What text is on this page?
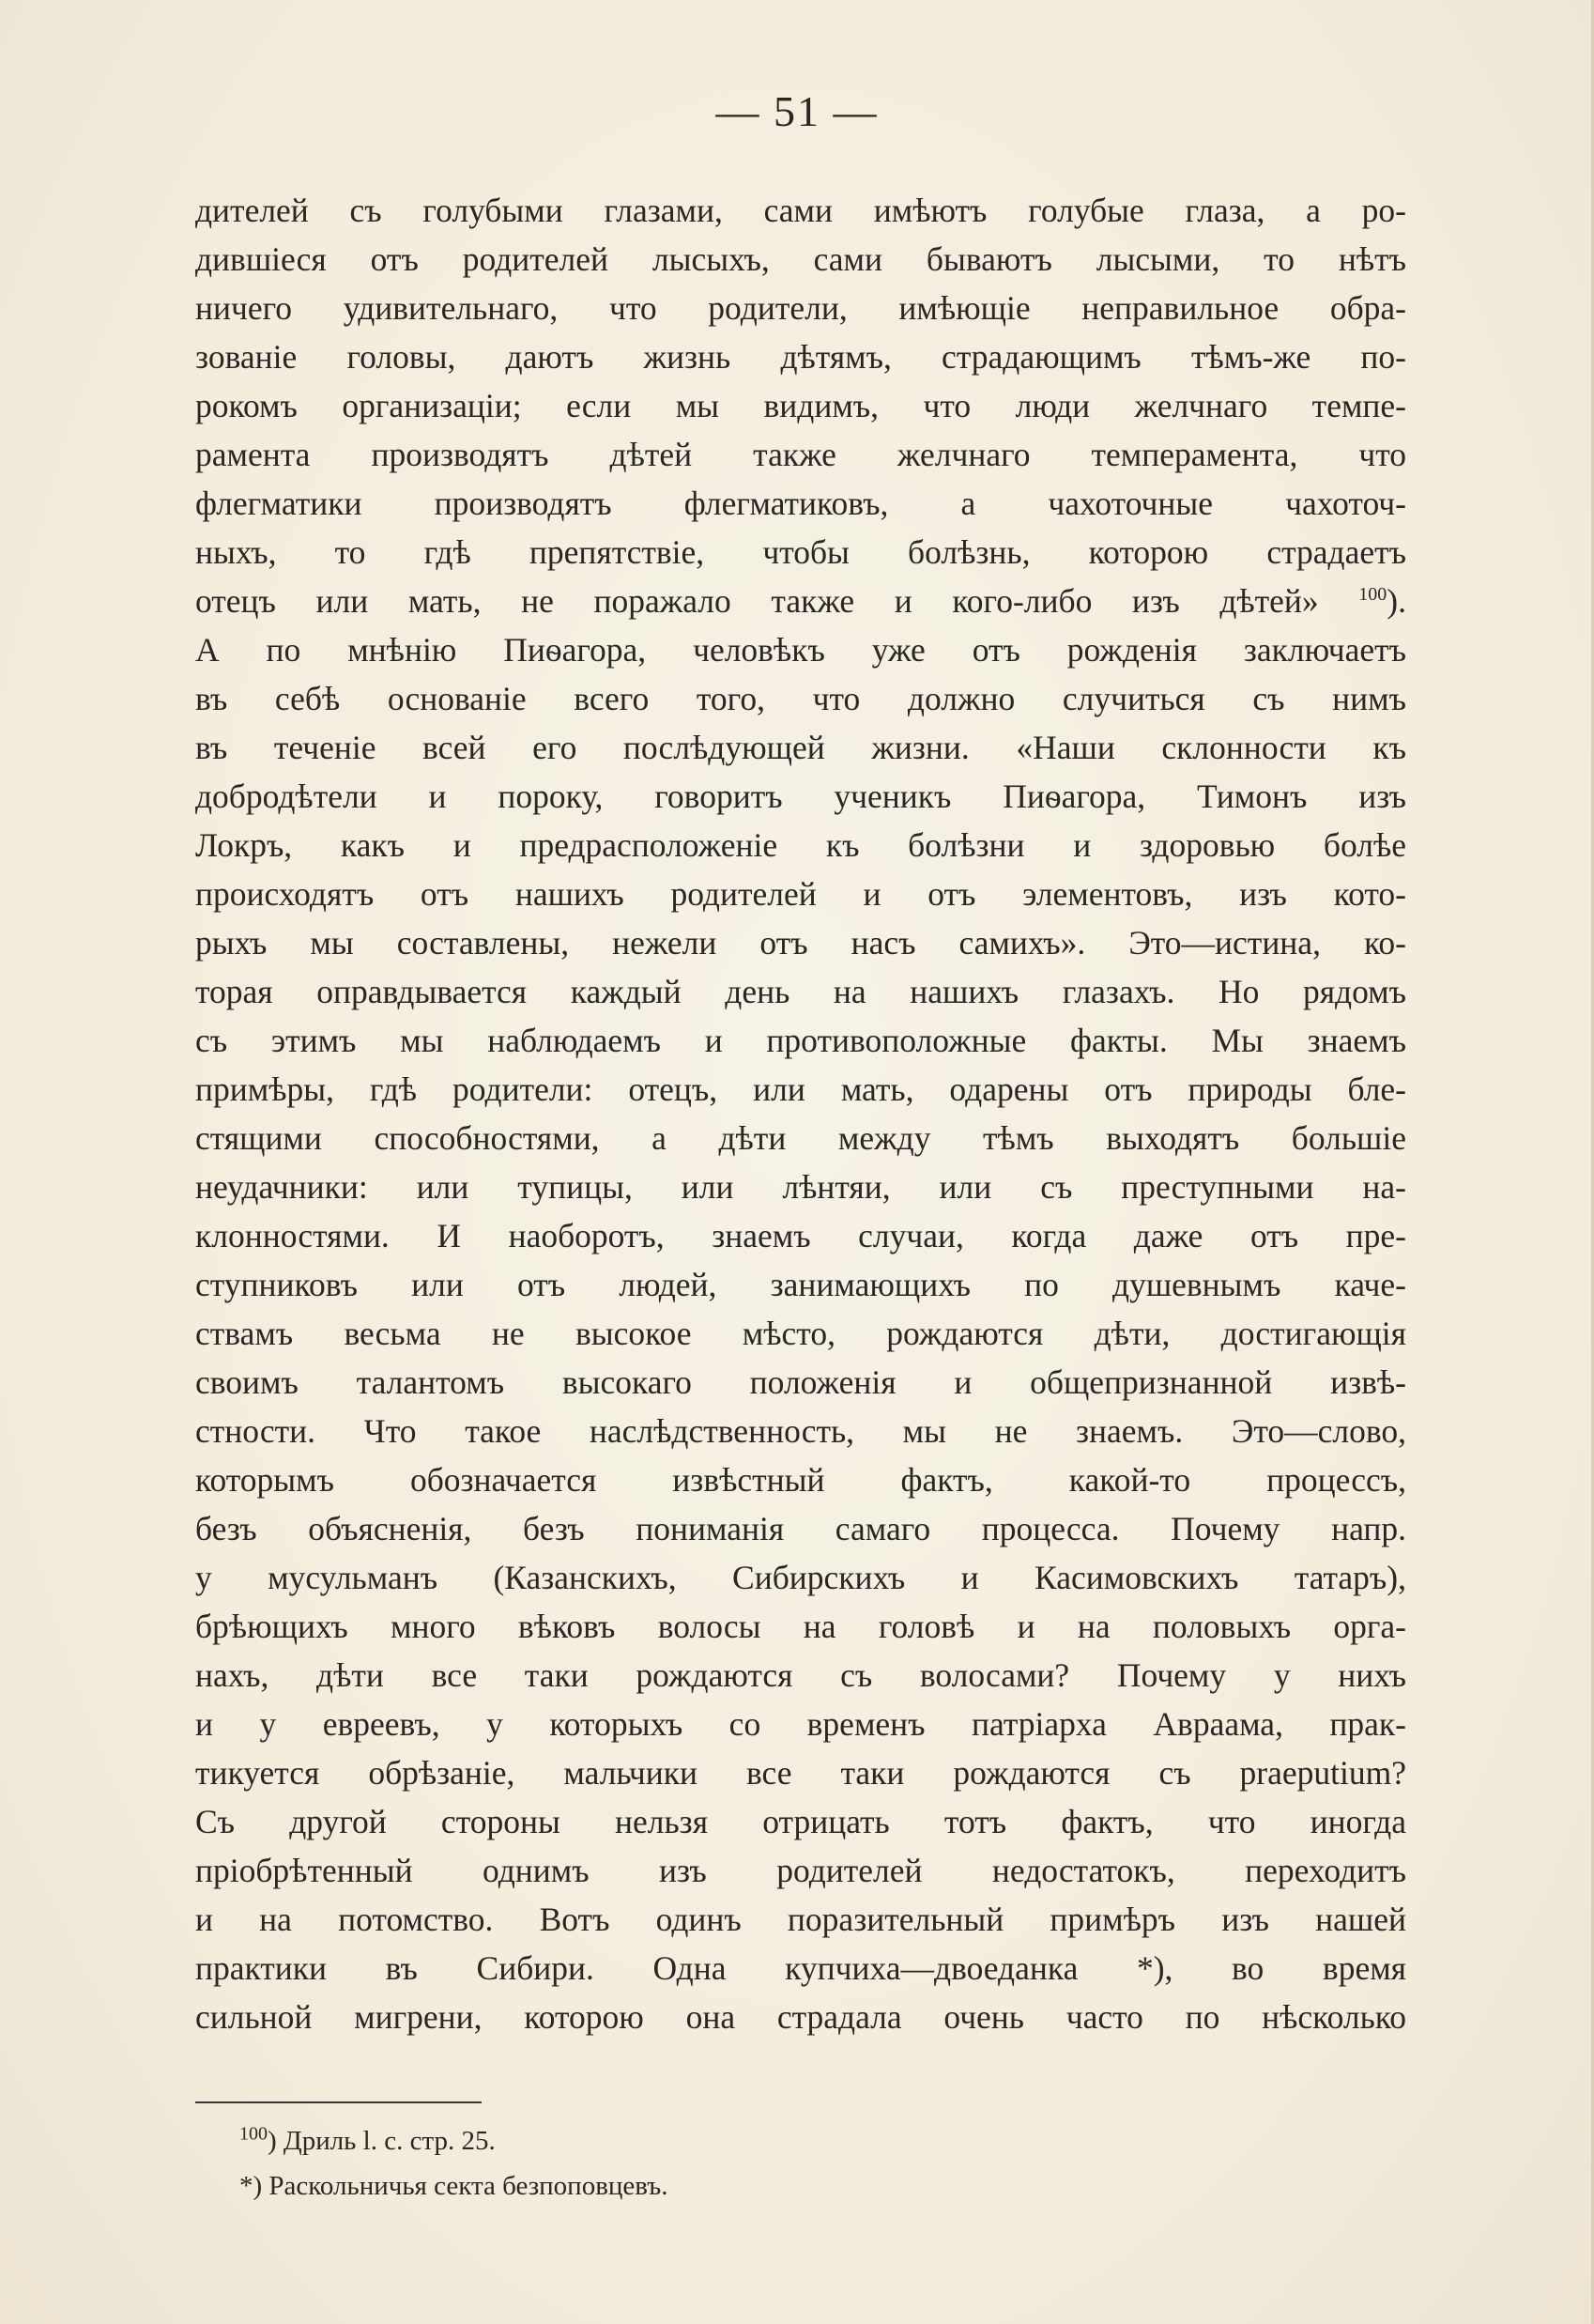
— 51 —
дителей съ голубыми глазами, сами имѣютъ голубые глаза, а ро-
дившіеся отъ родителей лысыхъ, сами бываютъ лысыми, то нѣтъ
ничего удивительнаго, что родители, имѣющіе неправильное обра-
зованіе головы, даютъ жизнь дѣтямъ, страдающимъ тѣмъ-же по-
рокомъ организаціи; если мы видимъ, что люди желчнаго темпе-
рамента производятъ дѣтей также желчнаго темперамента, что
флегматики производятъ флегматиковъ, а чахоточные чахоточ-
ныхъ, то гдѣ препятствіе, чтобы болѣзнь, которою страдаетъ
отецъ или мать, не поражало также и кого-либо изъ дѣтей» $^{100}$).
А по мнѣнію Пиѳагора, человѣкъ уже отъ рожденія заключаетъ
въ себѣ основаніе всего того, что должно случиться съ нимъ
въ теченіе всей его послѣдующей жизни. «Наши склонности къ
добродѣтели и пороку, говоритъ ученикъ Пиѳагора, Тимонъ изъ
Локръ, какъ и предрасположеніе къ болѣзни и здоровью болѣе
происходятъ отъ нашихъ родителей и отъ элементовъ, изъ кото-
рыхъ мы составлены, нежели отъ насъ самихъ». Это—истина, ко-
торая оправдывается каждый день на нашихъ глазахъ. Но рядомъ
съ этимъ мы наблюдаемъ и противоположные факты. Мы знаемъ
примѣры, гдѣ родители: отецъ, или мать, одарены отъ природы бле-
стящими способностями, а дѣти между тѣмъ выходятъ большіе
неудачники: или тупицы, или лѣнтяи, или съ преступными на-
клонностями. И наоборотъ, знаемъ случаи, когда даже отъ пре-
ступниковъ или отъ людей, занимающихъ по душевнымъ каче-
ствамъ весьма не высокое мѣсто, рождаются дѣти, достигающія
своимъ талантомъ высокаго положенія и общепризнанной извѣ-
стности. Что такое наслѣдственность, мы не знаемъ. Это—слово,
которымъ обозначается извѣстный фактъ, какой-то процессъ,
безъ объясненія, безъ пониманія самаго процесса. Почему напр.
у мусульманъ (Казанскихъ, Сибирскихъ и Касимовскихъ татаръ),
брѣющихъ много вѣковъ волосы на головѣ и на половыхъ орга-
нахъ, дѣти все таки рождаются съ волосами? Почему у нихъ
и у евреевъ, у которыхъ со временъ патріарха Авраама, прак-
тикуется обрѣзаніе, мальчики все таки рождаются съ praeputium?
Съ другой стороны нельзя отрицать тотъ фактъ, что иногда
пріобрѣтенный однимъ изъ родителей недостатокъ, переходитъ
и на потомство. Вотъ одинъ поразительный примѣръ изъ нашей
практики въ Сибири. Одна купчиха—двоеданка *), во время
сильной мигрени, которою она страдала очень часто по нѣсколько
$^{100}$) Дриль l. c. стр. 25.
*) Раскольничья секта безпоповцевъ.
